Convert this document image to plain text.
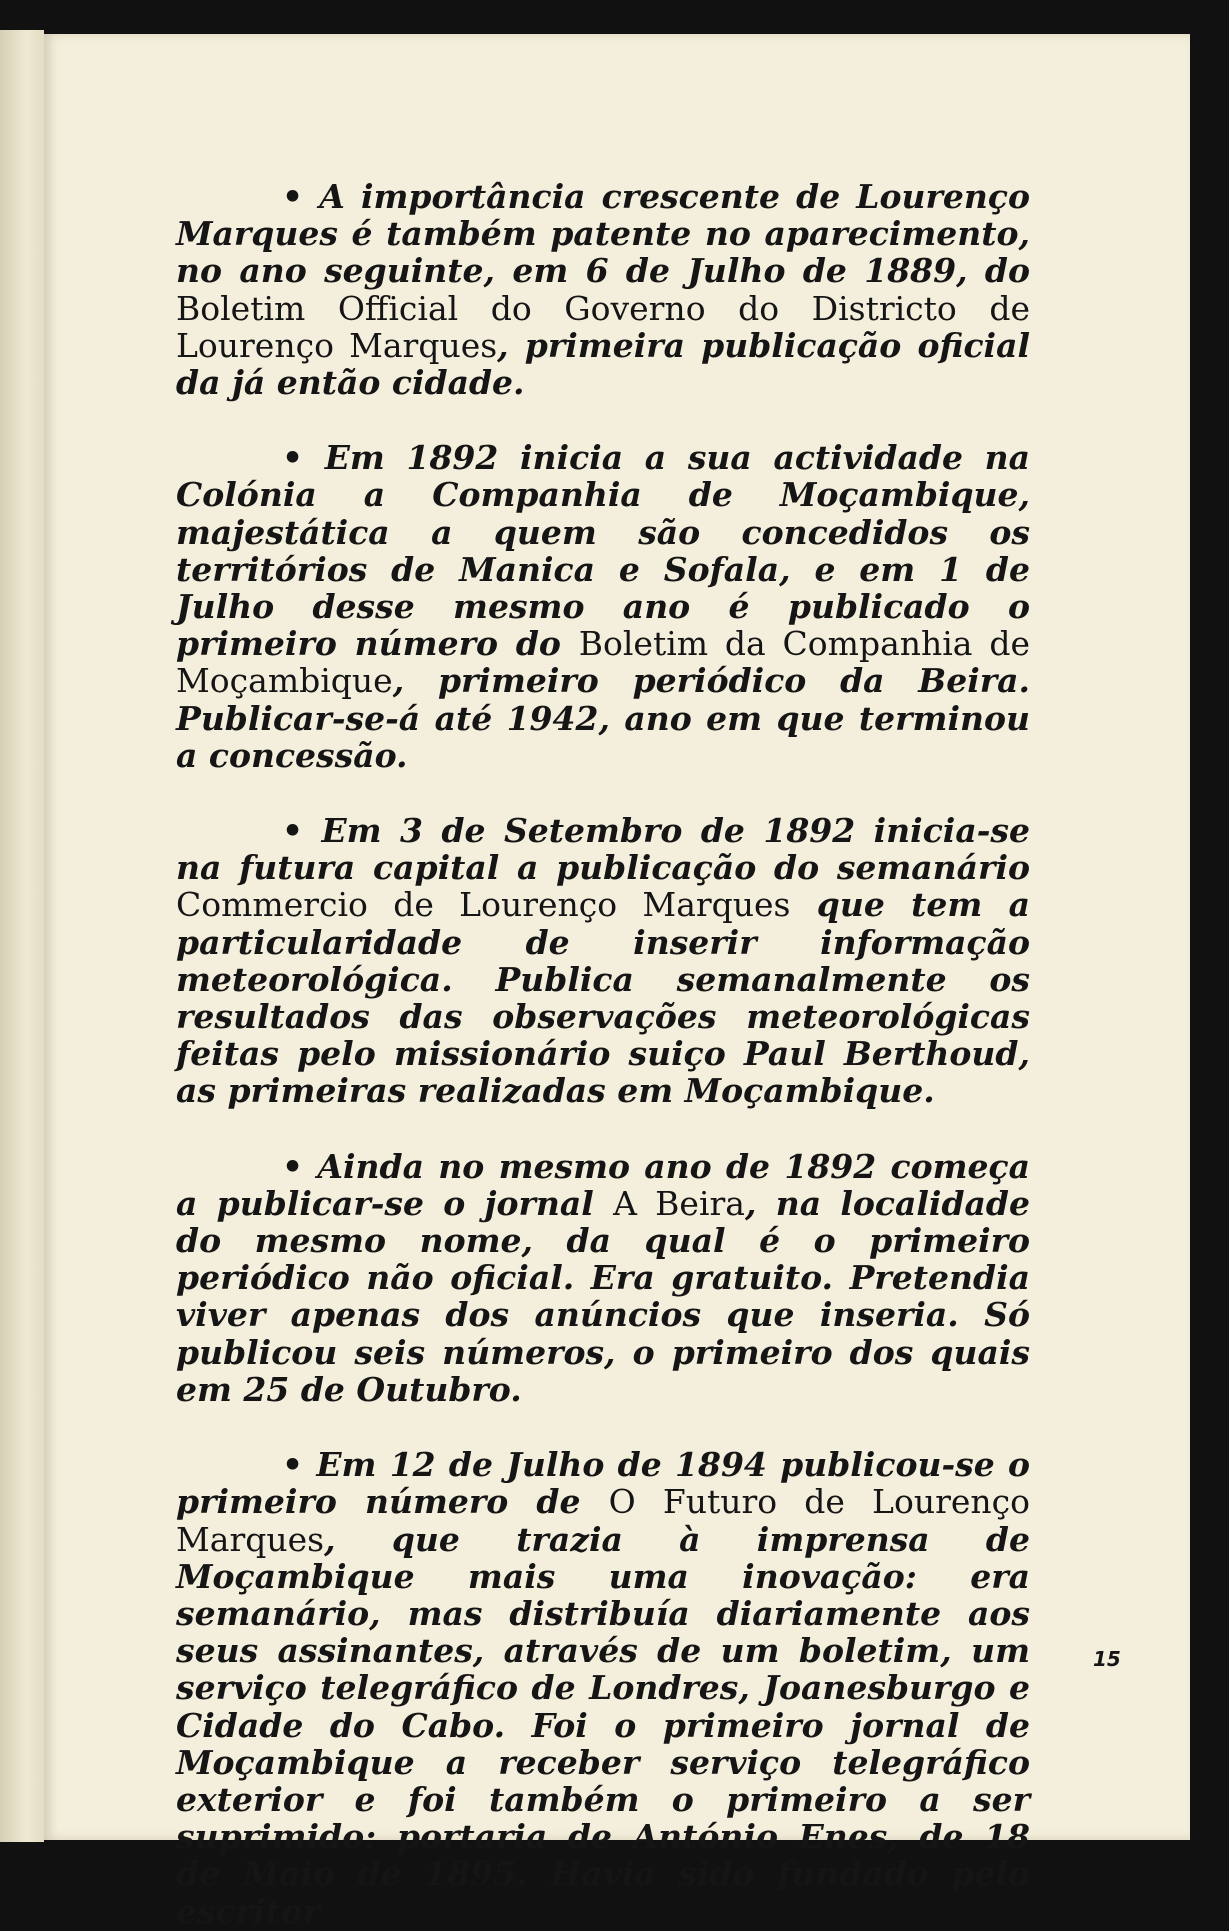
• A importância crescente de Lourenço Marques é também patente no aparecimento, no ano seguinte, em 6 de Julho de 1889, do Boletim Official do Governo do Districto de Lourenço Marques, primeira publicação oficial da já então cidade.

• Em 1892 inicia a sua actividade na Colónia a Companhia de Moçambique, majestática a quem são concedidos os territórios de Manica e Sofala, e em 1 de Julho desse mesmo ano é publicado o primeiro número do Boletim da Companhia de Moçambique, primeiro periódico da Beira. Publicar-se-á até 1942, ano em que terminou a concessão.

• Em 3 de Setembro de 1892 inicia-se na futura capital a publicação do semanário Commercio de Lourenço Marques que tem a particularidade de inserir informação meteorológica. Publica semanalmente os resultados das observações meteorológicas feitas pelo missionário suiço Paul Berthoud, as primeiras realizadas em Moçambique.

• Ainda no mesmo ano de 1892 começa a publicar-se o jornal A Beira, na localidade do mesmo nome, da qual é o primeiro periódico não oficial. Era gratuito. Pretendia viver apenas dos anúncios que inseria. Só publicou seis números, o primeiro dos quais em 25 de Outubro.

• Em 12 de Julho de 1894 publicou-se o primeiro número de O Futuro de Lourenço Marques, que trazia à imprensa de Moçambique mais uma inovação: era semanário, mas distribuía diariamente aos seus assinantes, através de um boletim, um serviço telegráfico de Londres, Joanesburgo e Cidade do Cabo. Foi o primeiro jornal de Moçambique a receber serviço telegráfico exterior e foi também o primeiro a ser suprimido: portaria de António Enes, de 18 de Maio de 1895. Havia sido fundado pelo escritor

15
